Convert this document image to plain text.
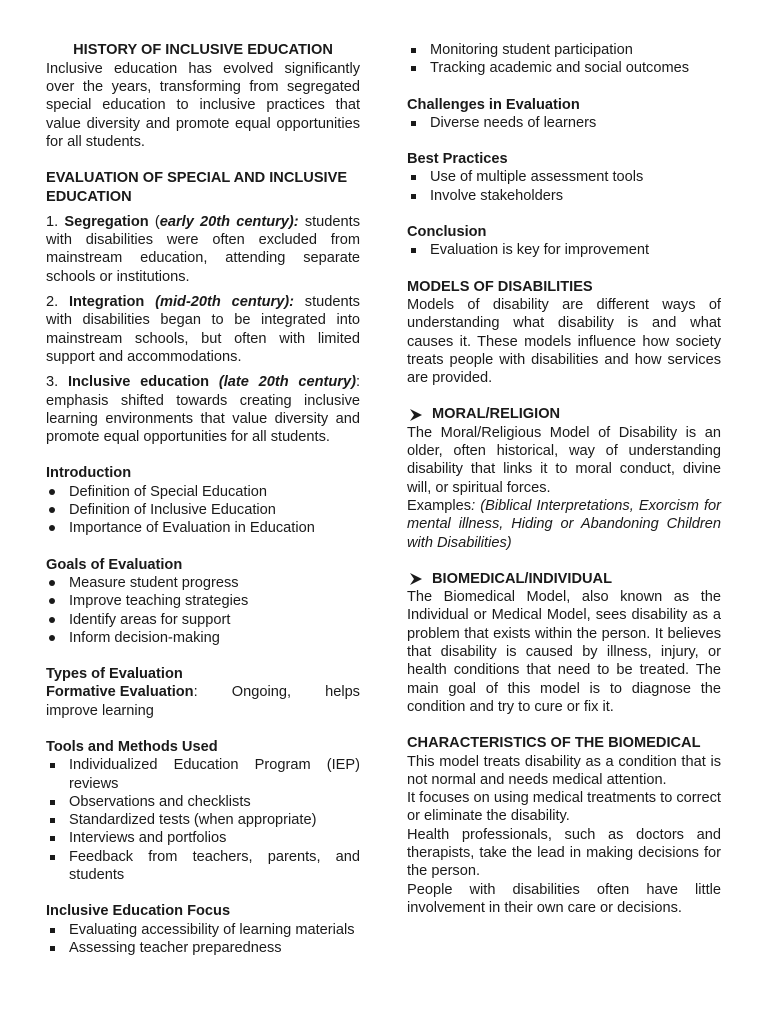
HISTORY OF INCLUSIVE EDUCATION

Inclusive education has evolved significantly over the years, transforming from segregated special education to inclusive practices that value diversity and promote equal opportunities for all students.

EVALUATION OF SPECIAL AND INCLUSIVE EDUCATION

1. Segregation (early 20th century): students with disabilities were often excluded from mainstream education, attending separate schools or institutions.

2. Integration (mid-20th century): students with disabilities began to be integrated into mainstream schools, but often with limited support and accommodations.

3. Inclusive education (late 20th century): emphasis shifted towards creating inclusive learning environments that value diversity and promote equal opportunities for all students.

Introduction
Definition of Special Education
Definition of Inclusive Education
Importance of Evaluation in Education
Goals of Evaluation
Measure student progress
Improve teaching strategies
Identify areas for support
Inform decision-making
Types of Evaluation
Formative Evaluation: Ongoing, helps
improve learning
Tools and Methods Used
Individualized Education Program (IEP) reviews
Observations and checklists
Standardized tests (when appropriate)
Interviews and portfolios
Feedback from teachers, parents, and students
Inclusive Education Focus
Evaluating accessibility of learning materials
Assessing teacher preparedness
Monitoring student participation
Tracking academic and social outcomes
Challenges in Evaluation
Diverse needs of learners
Best Practices
Use of multiple assessment tools
Involve stakeholders
Conclusion
Evaluation is key for improvement
MODELS OF DISABILITIES

Models of disability are different ways of understanding what disability is and what causes it. These models influence how society treats people with disabilities and how services are provided.

MORAL/RELIGION

The Moral/Religious Model of Disability is an older, often historical, way of understanding disability that links it to moral conduct, divine will, or spiritual forces.

Examples: (Biblical Interpretations, Exorcism for mental illness, Hiding or Abandoning Children with Disabilities)

BIOMEDICAL/INDIVIDUAL

The Biomedical Model, also known as the Individual or Medical Model, sees disability as a problem that exists within the person. It believes that disability is caused by illness, injury, or health conditions that need to be treated. The main goal of this model is to diagnose the condition and try to cure or fix it.

CHARACTERISTICS OF THE BIOMEDICAL

This model treats disability as a condition that is not normal and needs medical attention.

It focuses on using medical treatments to correct or eliminate the disability.

Health professionals, such as doctors and therapists, take the lead in making decisions for the person.

People with disabilities often have little involvement in their own care or decisions.
